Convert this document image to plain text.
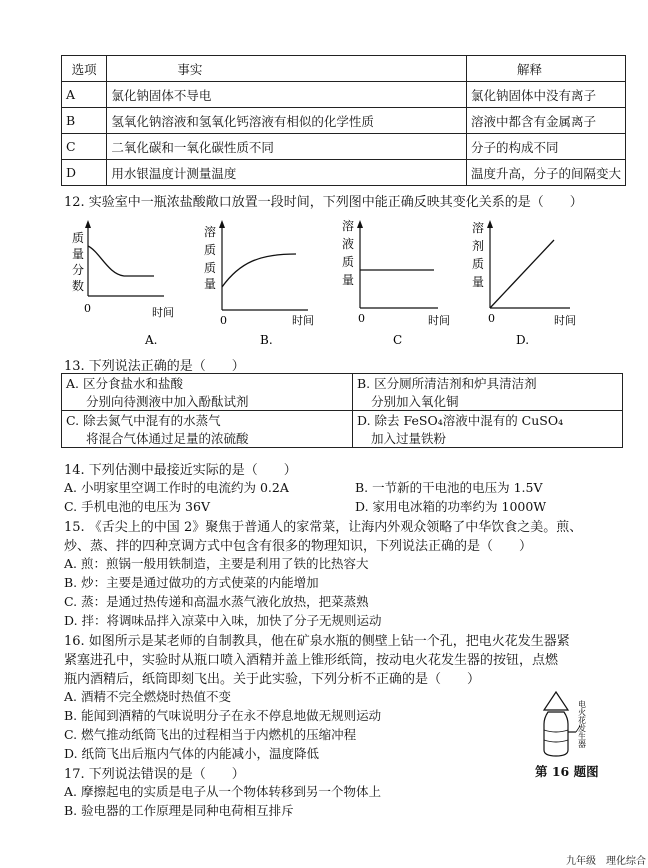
选项	事实	解释
A	氯化钠固体不导电	氯化钠固体中没有离子
B	氢氧化钠溶液和氢氧化钙溶液有相似的化学性质	溶液中都含有金属离子
C	二氧化碳和一氧化碳性质不同	分子的构成不同
D	用水银温度计测量温度	温度升高，分子的间隔变大
12. 实验室中一瓶浓盐酸敞口放置一段时间，下列图中能正确反映其变化关系的是（　　）
质
量
分
数
0	时间
A.
溶
质
质
量
0	时间
B.
溶
液
质
量
0	时间
C
溶
剂
质
量
0	时间
D.
13. 下列说法正确的是（　　）
A. 区分食盐水和盐酸	B. 区分厕所清洁剂和炉具清洁剂
分别向待测液中加入酚酞试剂	分别加入氧化铜
C. 除去氮气中混有的水蒸气	D. 除去 FeSO₄溶液中混有的 CuSO₄
将混合气体通过足量的浓硫酸	加入过量铁粉
14. 下列估测中最接近实际的是（　　）
A. 小明家里空调工作时的电流约为 0.2A	B. 一节新的干电池的电压为 1.5V
C. 手机电池的电压为 36V	D. 家用电冰箱的功率约为 1000W
15. 《舌尖上的中国 2》聚焦于普通人的家常菜，让海内外观众领略了中华饮食之美。煎、
炒、蒸、拌的四种烹调方式中包含有很多的物理知识，下列说法正确的是（　　）
A. 煎：煎锅一般用铁制造，主要是利用了铁的比热容大
B. 炒：主要是通过做功的方式使菜的内能增加
C. 蒸：是通过热传递和高温水蒸气液化放热，把菜蒸熟
D. 拌：将调味品拌入凉菜中入味，加快了分子无规则运动
16. 如图所示是某老师的自制教具，他在矿泉水瓶的侧壁上钻一个孔，把电火花发生器紧
紧塞进孔中，实验时从瓶口喷入酒精并盖上锥形纸筒，按动电火花发生器的按钮，点燃
瓶内酒精后，纸筒即刻飞出。关于此实验，下列分析不正确的是（　　）
A. 酒精不完全燃烧时热值不变
B. 能闻到酒精的气味说明分子在永不停息地做无规则运动
C. 燃气推动纸筒飞出的过程相当于内燃机的压缩冲程
D. 纸筒飞出后瓶内气体的内能减小，温度降低
电火花发生器
第 16 题图
17. 下列说法错误的是（　　）
A. 摩擦起电的实质是电子从一个物体转移到另一个物体上
B. 验电器的工作原理是同种电荷相互排斥
九年级　理化综合
